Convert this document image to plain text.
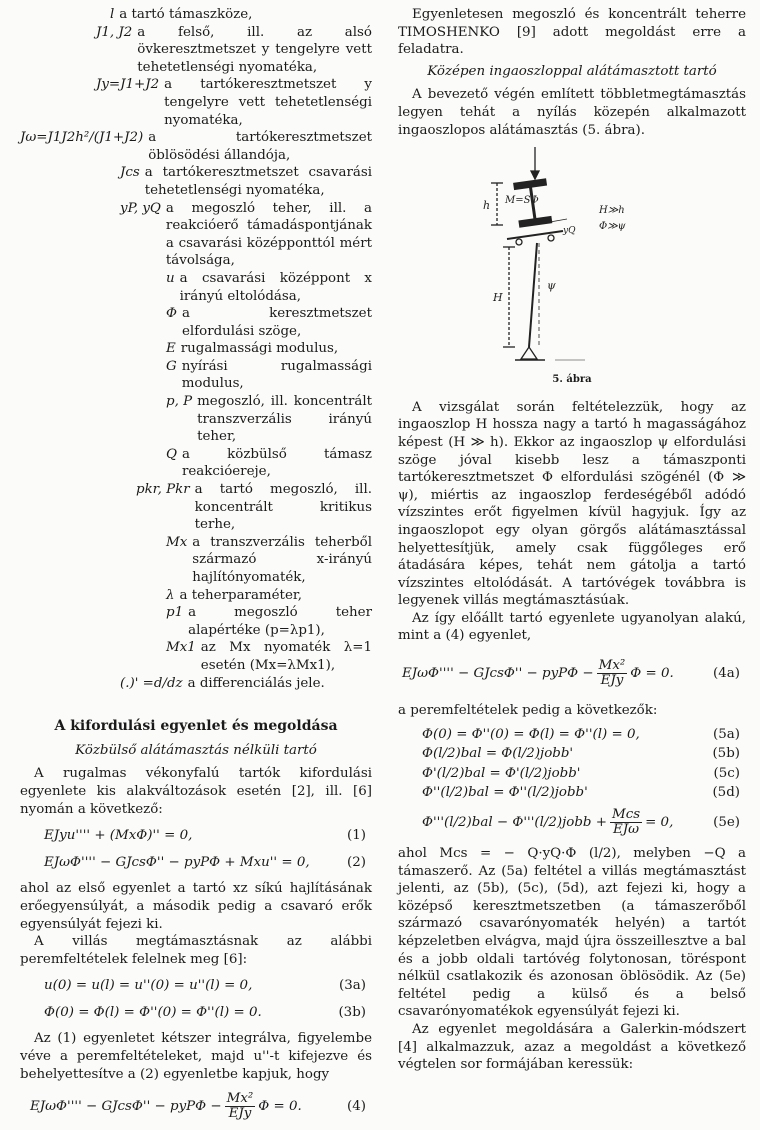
l a tartó támaszköze,
J1, J2 a felső, ill. az alsó övkeresztmetszet y tengelyre vett tehetetlenségi nyomatéka,
Jy=J1+J2 a tartókeresztmetszet y tengelyre vett tehetetlenségi nyomatéka,
Jω=J1J2h²/(J1+J2) a tartókeresztmetszet öblösödési állandója,
Jcs a tartókeresztmetszet csavarási tehetetlenségi nyomatéka,
yP, yQ a megoszló teher, ill. a reakcióerő támadáspontjának a csavarási középponttól mért távolsága,
u a csavarási középpont x irányú eltolódása,
Φ a keresztmetszet elfordulási szöge,
E rugalmassági modulus,
G nyírási rugalmassági modulus,
p, P megoszló, ill. koncentrált transzverzális irányú teher,
Q a közbülső támasz reakcióereje,
pkr, Pkr a tartó megoszló, ill. koncentrált kritikus terhe,
Mx a transzverzális teherből származó x-irányú hajlítónyomaték,
λ a teherparaméter,
p1 a megoszló teher alapértéke (p=λp1),
Mx1 az Mx nyomaték λ=1 esetén (Mx=λMx1),
(.)' =d/dz a differenciálás jele.
A kifordulási egyenlet és megoldása
Közbülső alátámasztás nélküli tartó

A rugalmas vékonyfalú tartók kifordulási egyenlete kis alakváltozások esetén [2], ill. [6] nyomán a következő:

EJyu'''' + (MxΦ)'' = 0,	(1)
EJωΦ'''' − GJcsΦ'' − pyPΦ + Mxu'' = 0,	(2)

ahol az első egyenlet a tartó xz síkú hajlításának erőegyensúlyát, a második pedig a csavaró erők egyensúlyát fejezi ki.

A villás megtámasztásnak az alábbi peremfeltételek felelnek meg [6]:

u(0) = u(l) = u''(0) = u''(l) = 0,	(3a)
Φ(0) = Φ(l) = Φ''(0) = Φ''(l) = 0.	(3b)

Az (1) egyenletet kétszer integrálva, figyelembe véve a peremfeltételeket, majd u''-t kifejezve és behelyettesítve a (2) egyenletbe kapjuk, hogy

EJωΦ'''' − GJcsΦ'' − $pyP\Phi - \frac{\text{Mx²}}{\text{EJy}}$ Φ = 0.	(4)

Egyenletesen megoszló és koncentrált teherre TIMOSHENKO [9] adott megoldást erre a feladatra.

Középen ingaoszloppal alátámasztott tartó

A bevezető végén említett többletmegtámasztás legyen tehát a nyílás közepén alkalmazott ingaoszlopos alátámasztás (5. ábra).

h M=SΦ
yQ
H
ψ
H≫h
Φ≫ψ
5. ábra

A vizsgálat során feltételezzük, hogy az ingaoszlop H hossza nagy a tartó h magasságához képest (H ≫ h). Ekkor az ingaoszlop ψ elfordulási szöge jóval kisebb lesz a támaszponti tartókeresztmetszet Φ elfordulási szögénél (Φ ≫ ψ), miértis az ingaoszlop ferdeségéből adódó vízszintes erőt figyelmen kívül hagyjuk. Így az ingaoszlopot egy olyan görgős alátámasztással helyettesítjük, amely csak függőleges erő átadására képes, tehát nem gátolja a tartó vízszintes eltolódását. A tartóvégek továbbra is legyenek villás megtámasztásúak.

Az így előállt tartó egyenlete ugyanolyan alakú, mint a (4) egyenlet,

EJωΦ'''' − GJcsΦ'' − $pyP\Phi - \frac{\text{Mx²}}{\text{EJy}}$ Φ = 0.	(4a)

a peremfeltételek pedig a következők:

Φ(0) = Φ''(0) = Φ(l) = Φ''(l) = 0,	(5a)
Φ(l/2)bal = Φ(l/2)jobb'	(5b)
Φ'(l/2)bal = Φ'(l/2)jobb'	(5c)
Φ''(l/2)bal = Φ''(l/2)jobb'	(5d)
Φ'''(l/2)bal − Φ'''(l/2)jobb + $\frac{\text{Mcs}}{\text{EJω}} = 0$,	(5e)

ahol Mcs = − Q·yQ·Φ (l/2), melyben −Q a támaszerő. Az (5a) feltétel a villás megtámasztást jelenti, az (5b), (5c), (5d), azt fejezi ki, hogy a középső keresztmetszetben (a támaszerőből származó csavarónyomaték helyén) a tartót képzeletben elvágva, majd újra összeillesztve a bal és a jobb oldali tartóvég folytonosan, töréspont nélkül csatlakozik és azonosan öblösödik. Az (5e) feltétel pedig a külső és a belső csavarónyomatékok egyensúlyát fejezi ki.

Az egyenlet megoldására a Galerkin-módszert [4] alkalmazzuk, azaz a megoldást a következő végtelen sor formájában keressük:
